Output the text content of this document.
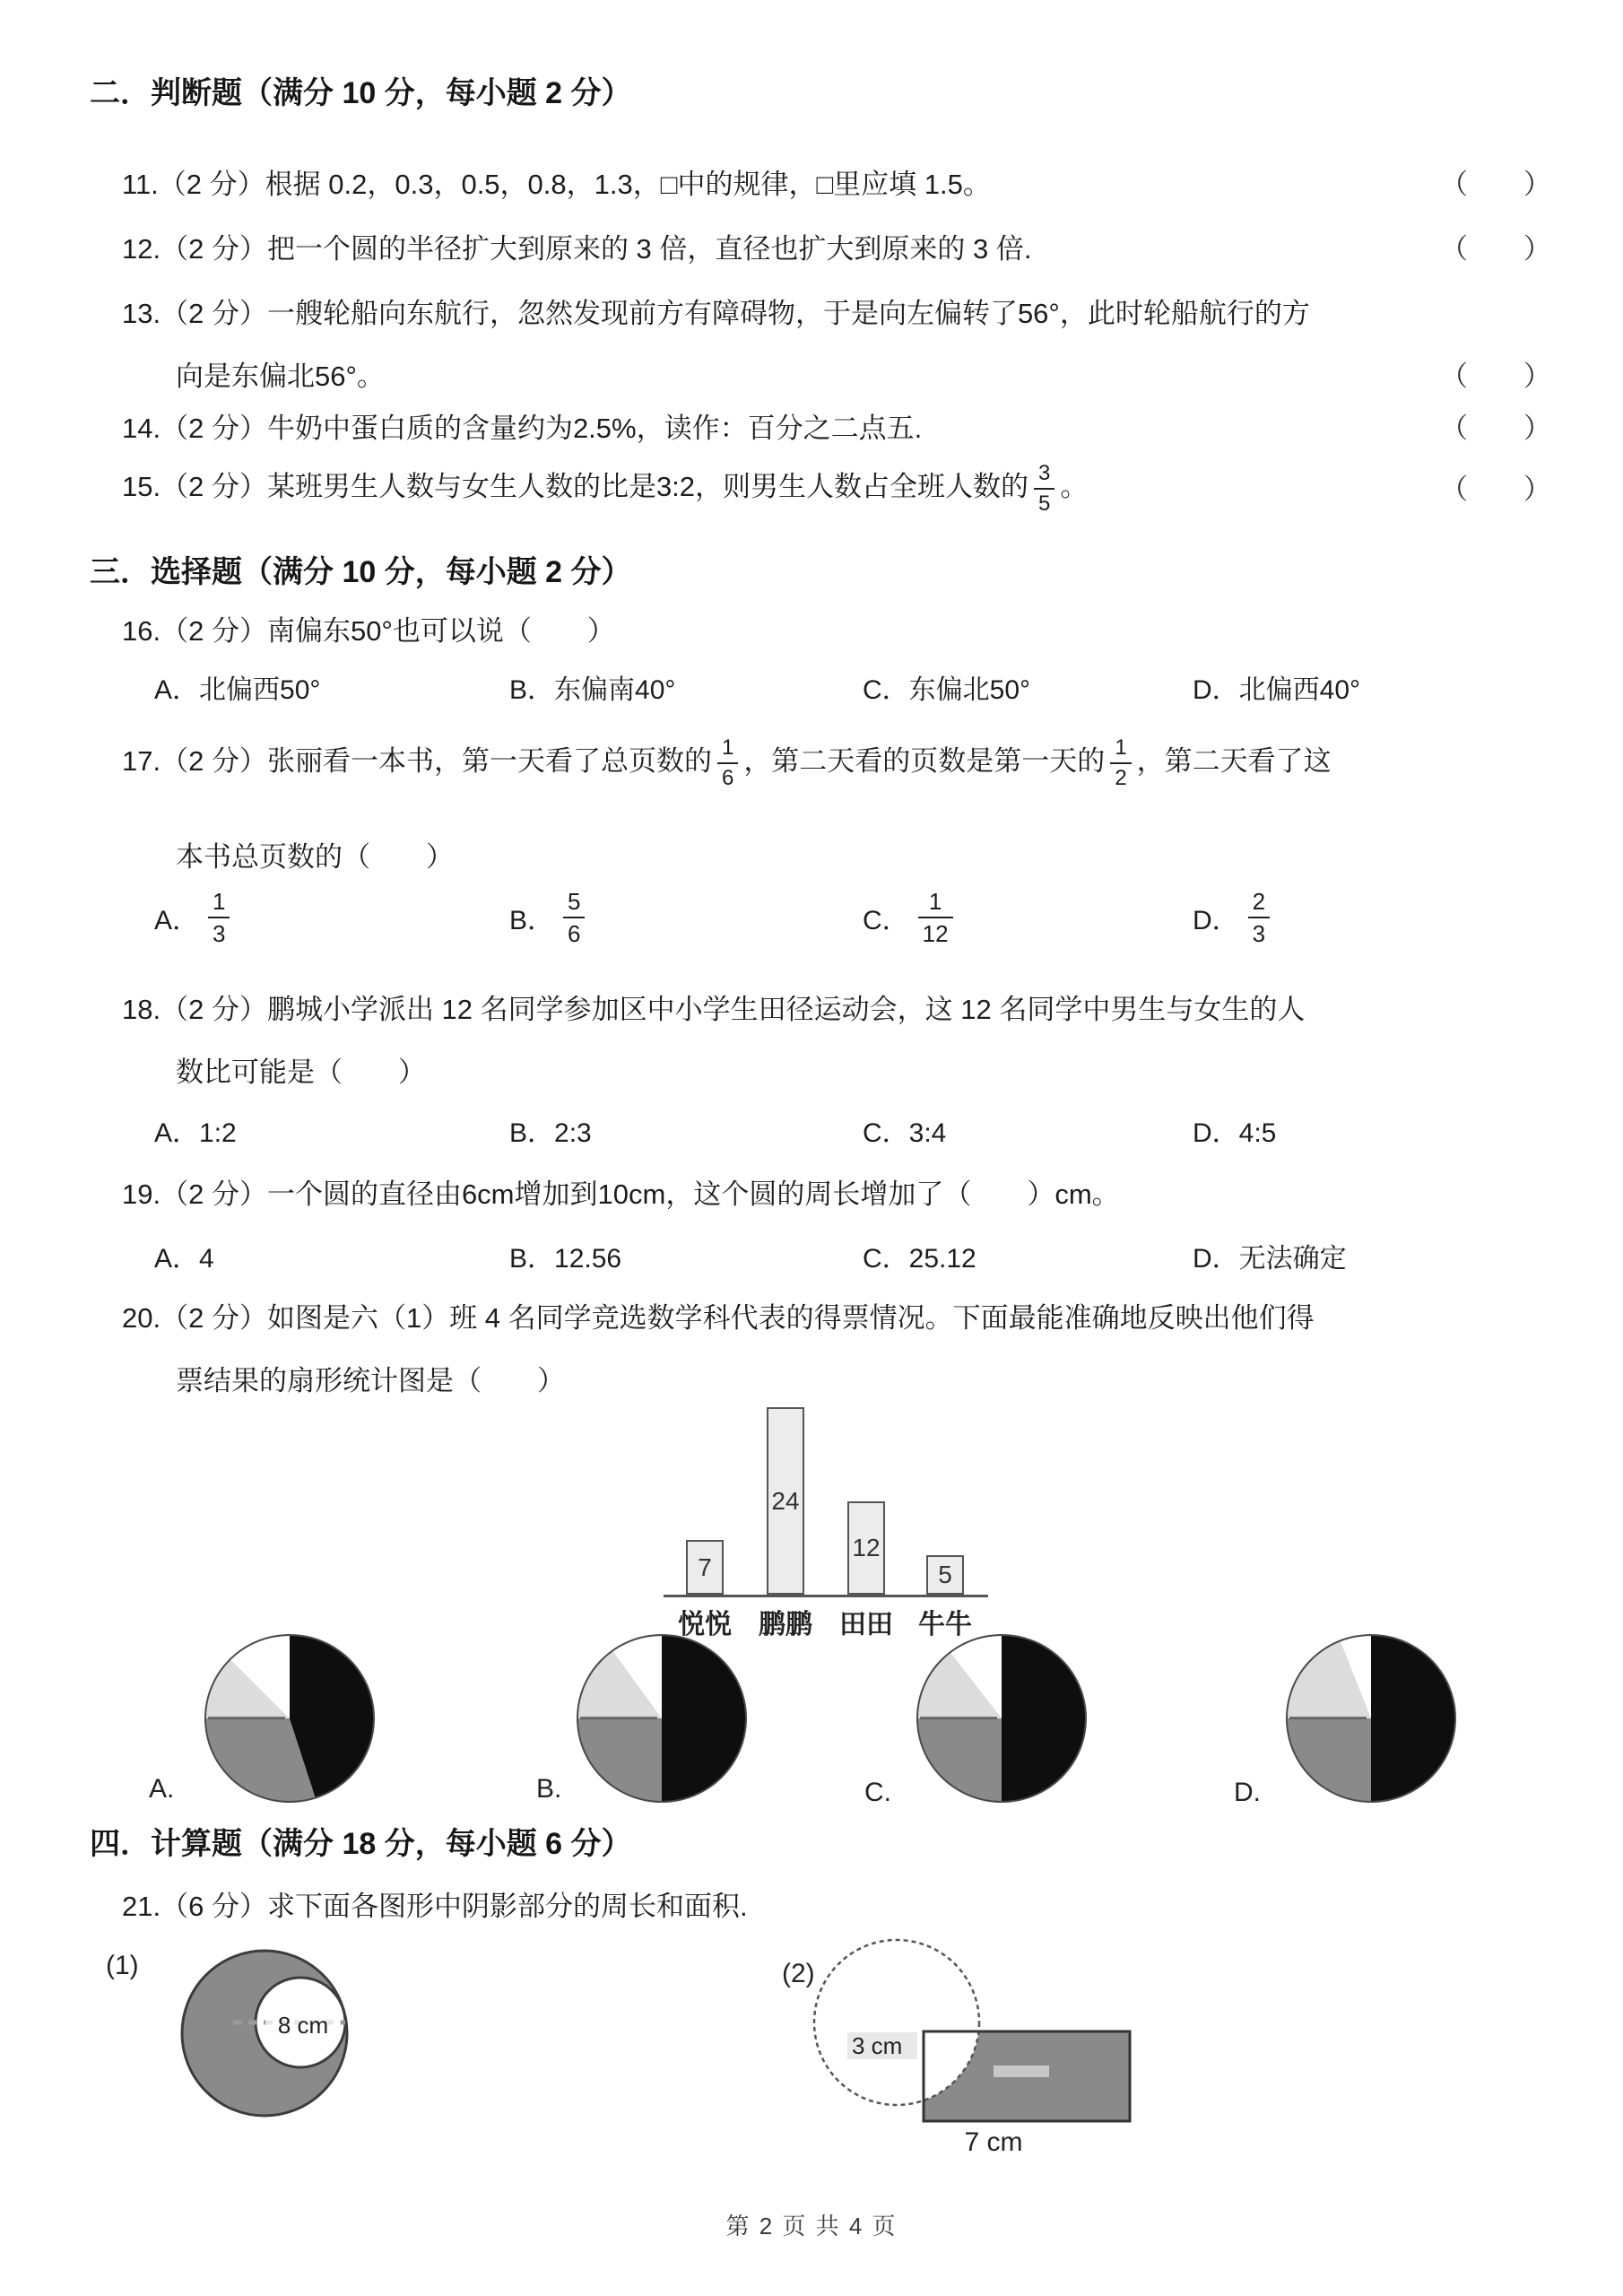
二．判断题（满分 10 分，每小题 2 分）
11.（2 分）根据 0.2，0.3，0.5，0.8，1.3，□中的规律，□里应填 1.5。	（　　）
12.（2 分）把一个圆的半径扩大到原来的 3 倍，直径也扩大到原来的 3 倍.	（　　）
13.（2 分）一艘轮船向东航行，忽然发现前方有障碍物，于是向左偏转了56°，此时轮船航行的方
向是东偏北56°。	（　　）
14.（2 分）牛奶中蛋白质的含量约为2.5%，读作：百分之二点五.	（　　）
15.（2 分）某班男生人数与女生人数的比是3:2，则男生人数占全班人数的 $\frac{3}{5}$ 。	（　　）
三．选择题（满分 10 分，每小题 2 分）
16.（2 分）南偏东50°也可以说（　　）
A．北偏西50°	B．东偏南40°	C．东偏北50°	D．北偏西40°
17.（2 分）张丽看一本书，第一天看了总页数的 $\frac{1}{6}$ ，第二天看的页数是第一天的 $\frac{1}{2}$ ，第二天看了这
本书总页数的（　　）
A． $\frac{1}{3}$	B． $\frac{5}{6}$	C． $\frac{1}{12}$	D． $\frac{2}{3}$
18.（2 分）鹏城小学派出 12 名同学参加区中小学生田径运动会，这 12 名同学中男生与女生的人
数比可能是（　　）
A．1:2	B．2:3	C．3:4	D．4:5
19.（2 分）一个圆的直径由6cm增加到10cm，这个圆的周长增加了（　　）cm。
A．4	B．12.56	C．25.12	D．无法确定
20.（2 分）如图是六（1）班 4 名同学竞选数学科代表的得票情况。下面最能准确地反映出他们得
票结果的扇形统计图是（　　）
7
24
12
5
悦悦	鹏鹏	田田 牛牛
A.	B.	C.	D.
四．计算题（满分 18 分，每小题 6 分）
21.（6 分）求下面各图形中阴影部分的周长和面积.
(1)
8 cm
(2)
3 cm
7 cm
第 2 页 共 4 页
